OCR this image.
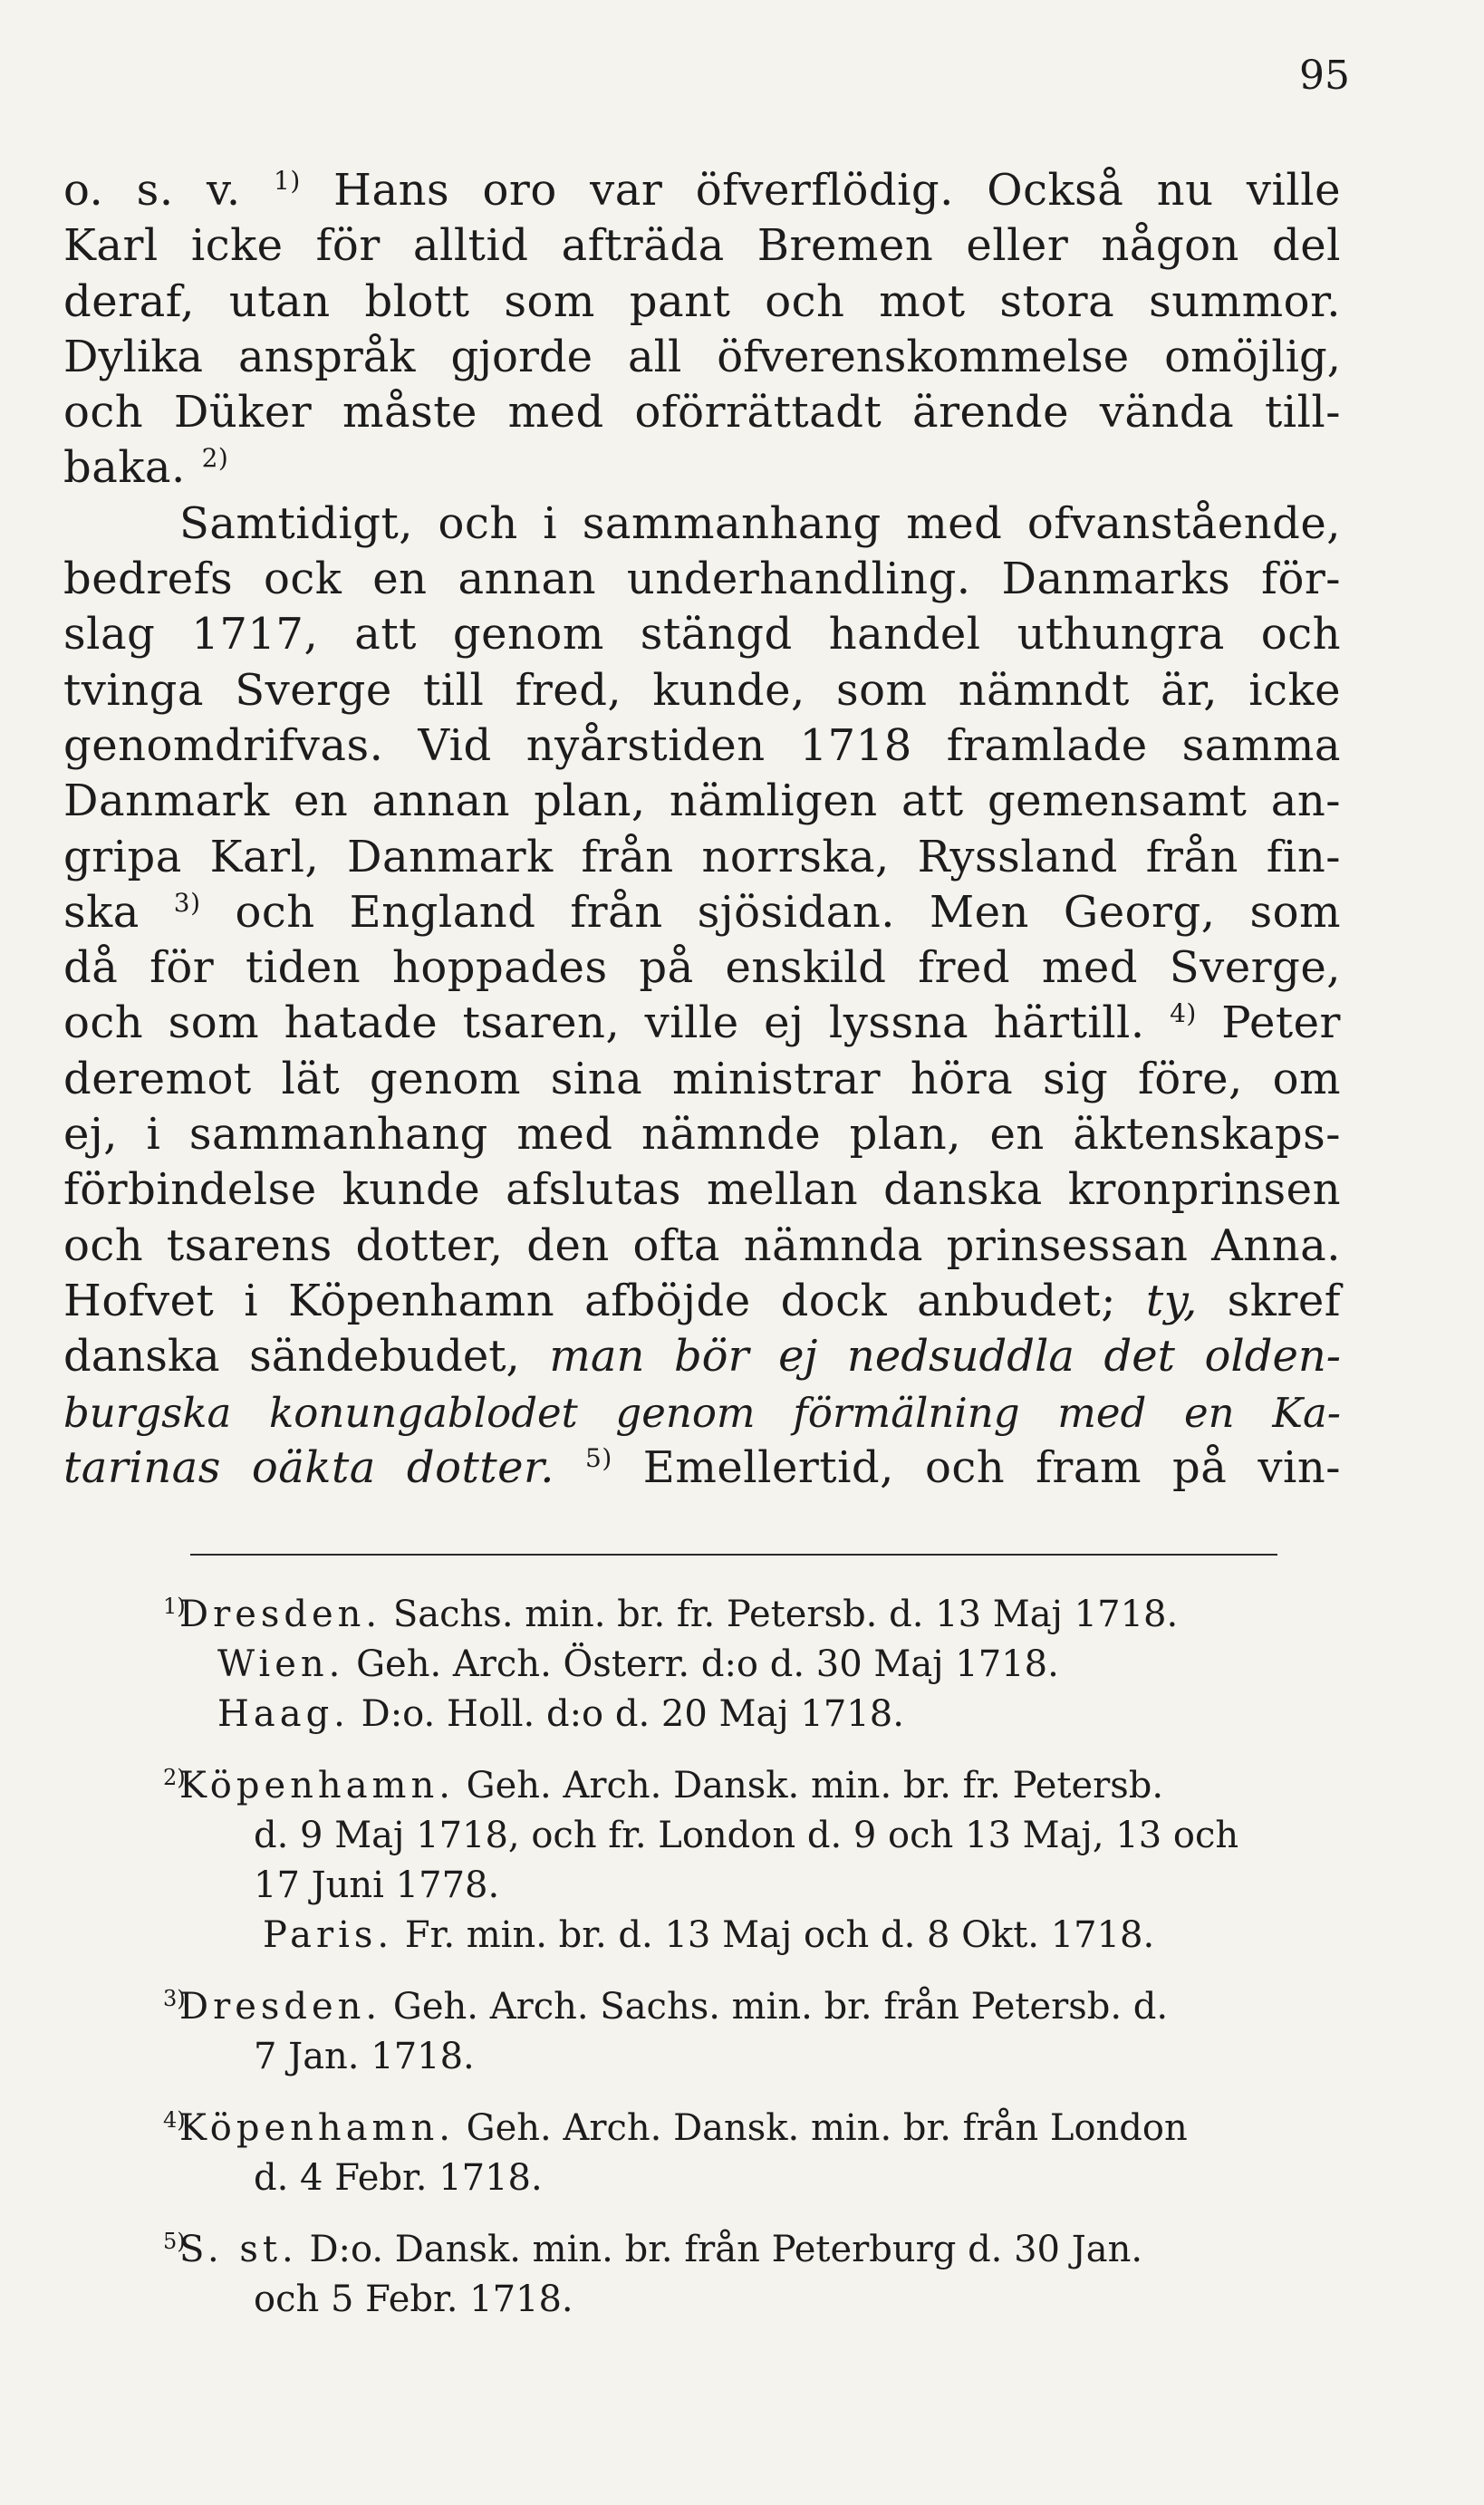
95
o. s. v. $^{1)}$ Hans oro var öfverflödig. Också nu ville
Karl icke för alltid afträda Bremen eller någon del
deraf, utan blott som pant och mot stora summor.
Dylika anspråk gjorde all öfverenskommelse omöjlig,
och Düker måste med oförrättadt ärende vända till-
baka. $^{2)}$
Samtidigt, och i sammanhang med ofvanstående,
bedrefs ock en annan underhandling. Danmarks för-
slag 1717, att genom stängd handel uthungra och
tvinga Sverge till fred, kunde, som nämndt är, icke
genomdrifvas. Vid nyårstiden 1718 framlade samma
Danmark en annan plan, nämligen att gemensamt an-
gripa Karl, Danmark från norrska, Ryssland från fin-
ska $^{3)}$ och England från sjösidan. Men Georg, som
då för tiden hoppades på enskild fred med Sverge,
och som hatade tsaren, ville ej lyssna härtill. $^{4)}$ Peter
deremot lät genom sina ministrar höra sig före, om
ej, i sammanhang med nämnde plan, en äktenskaps-
förbindelse kunde afslutas mellan danska kronprinsen
och tsarens dotter, den ofta nämnda prinsessan Anna.
Hofvet i Köpenhamn afböjde dock anbudet; ty, skref
danska sändebudet, man bör ej nedsuddla det olden-
burgska konungablodet genom förmälning med en Ka-
tarinas oäkta dotter. $^{5)}$ Emellertid, och fram på vin-
1)Dresden. Sachs. min. br. fr. Petersb. d. 13 Maj 1718.
Wien. Geh. Arch. Österr. d:o d. 30 Maj 1718.
Haag. D:o. Holl. d:o d. 20 Maj 1718.
2)Köpenhamn. Geh. Arch. Dansk. min. br. fr. Petersb.
d. 9 Maj 1718, och fr. London d. 9 och 13 Maj, 13 och
17 Juni 1778.
Paris. Fr. min. br. d. 13 Maj och d. 8 Okt. 1718.
3)Dresden. Geh. Arch. Sachs. min. br. från Petersb. d.
7 Jan. 1718.
4)Köpenhamn. Geh. Arch. Dansk. min. br. från London
d. 4 Febr. 1718.
5)S. st. D:o. Dansk. min. br. från Peterburg d. 30 Jan.
och 5 Febr. 1718.
